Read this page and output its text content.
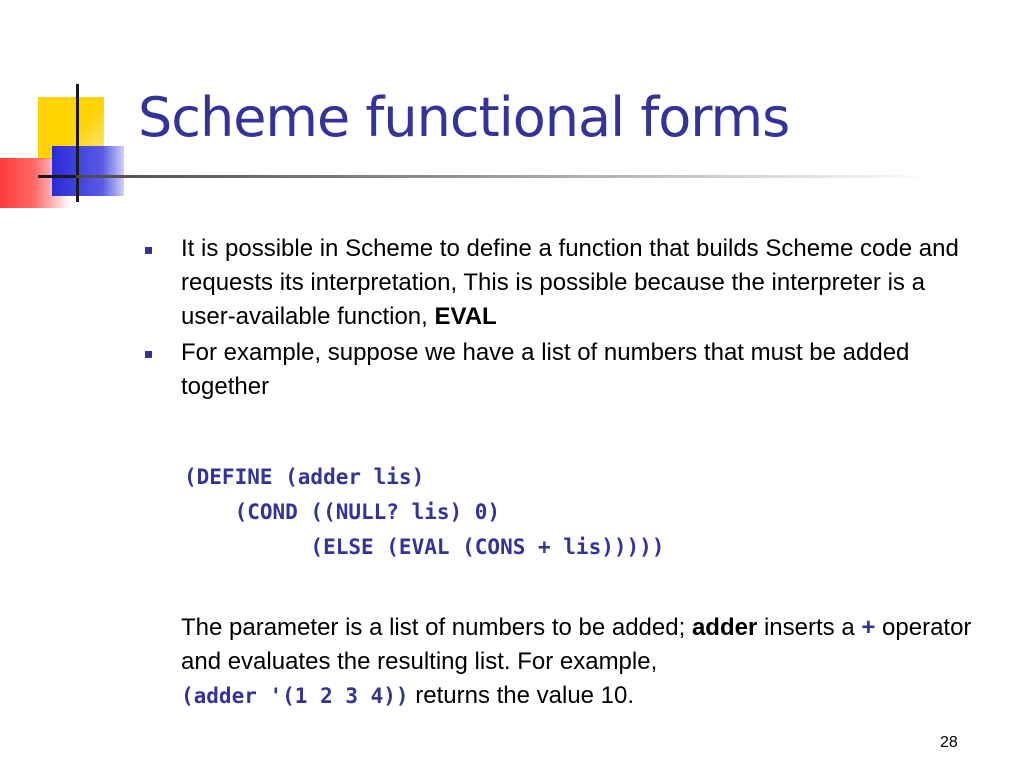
Scheme functional forms
It is possible in Scheme to define a function that builds Scheme code and requests its interpretation, This is possible because the interpreter is a user-available function, EVAL
For example, suppose we have a list of numbers that must be added together
(DEFINE (adder lis)
(COND ((NULL? lis) 0)
(ELSE (EVAL (CONS + lis)))))
The parameter is a list of numbers to be added; adder inserts a + operator and evaluates the resulting list. For example,
(adder '(1 2 3 4)) returns the value 10.
28
